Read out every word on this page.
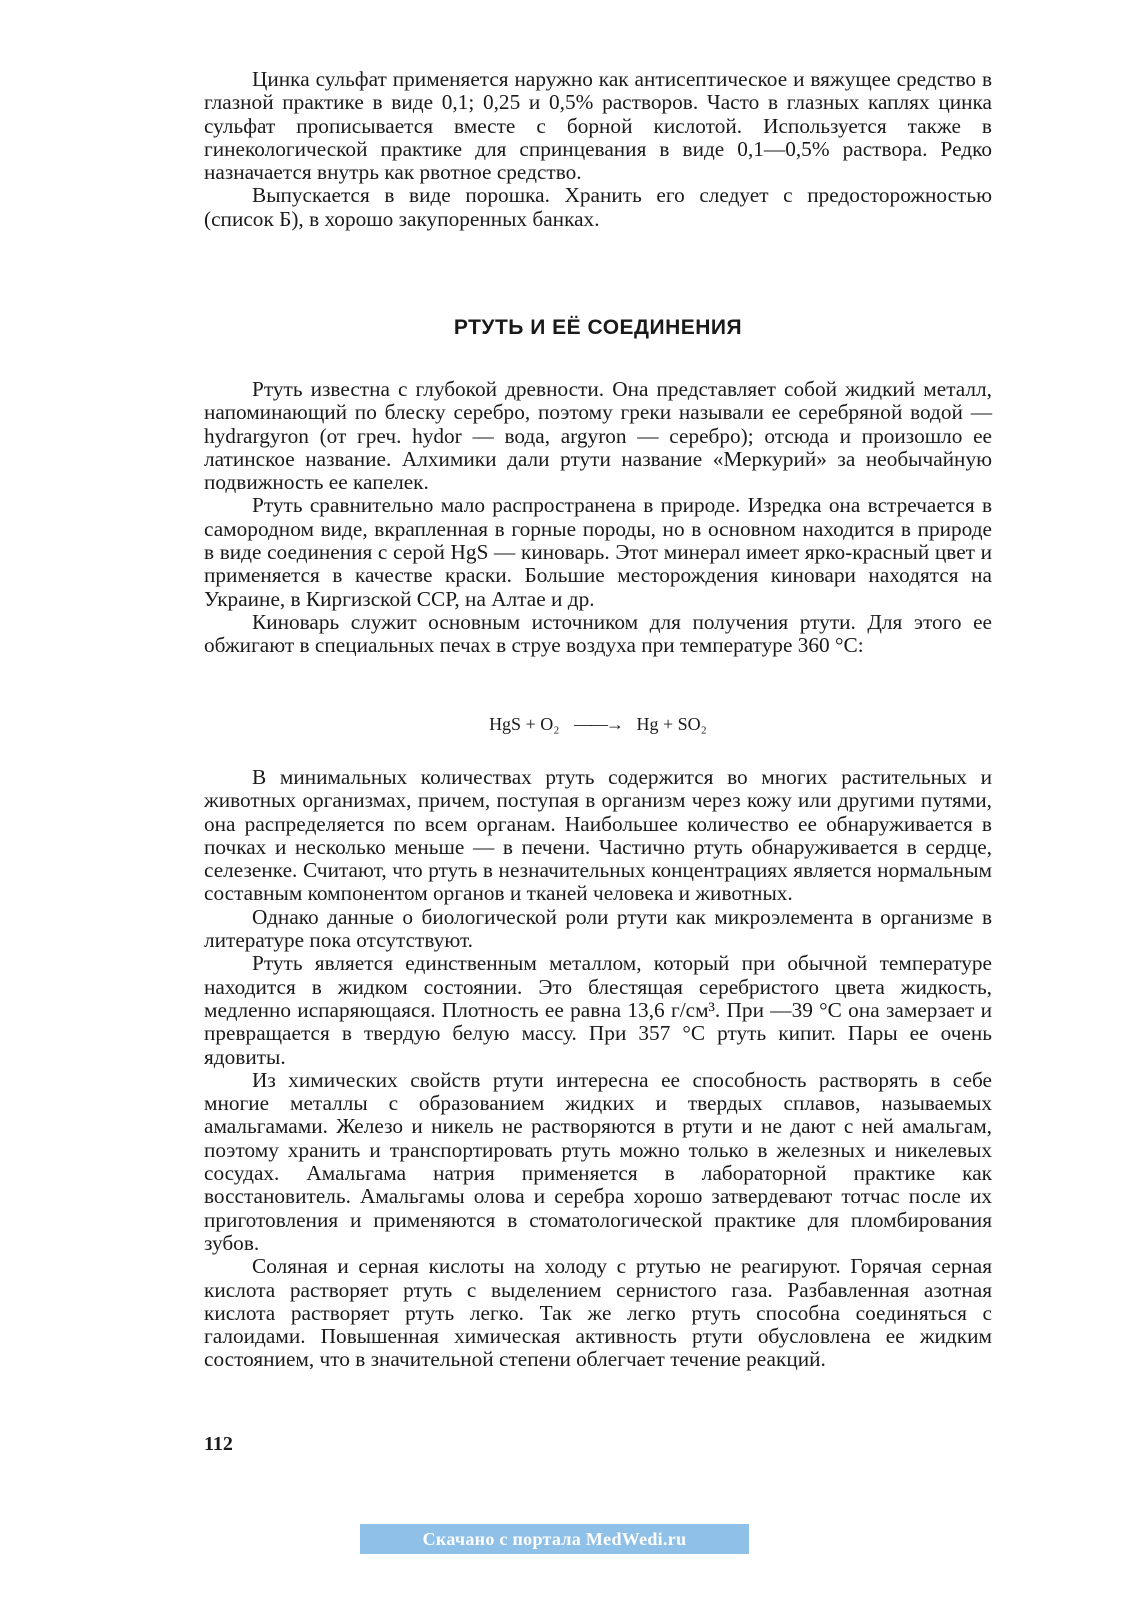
Цинка сульфат применяется наружно как антисептическое и вяжущее средство в глазной практике в виде 0,1; 0,25 и 0,5% растворов. Часто в глазных каплях цинка сульфат прописывается вместе с борной кислотой. Используется также в гинекологической практике для спринцевания в виде 0,1—0,5% раствора. Редко назначается внутрь как рвотное средство.

Выпускается в виде порошка. Хранить его следует с предосторожностью (список Б), в хорошо закупоренных банках.

РТУТЬ И ЕЁ СОЕДИНЕНИЯ

Ртуть известна с глубокой древности. Она представляет собой жидкий металл, напоминающий по блеску серебро, поэтому греки называли ее серебряной водой — hydrargyron (от греч. hydor — вода, argyron — серебро); отсюда и произошло ее латинское название. Алхимики дали ртути название «Меркурий» за необычайную подвижность ее капелек.

Ртуть сравнительно мало распространена в природе. Изредка она встречается в самородном виде, вкрапленная в горные породы, но в основном находится в природе в виде соединения с серой HgS — киноварь. Этот минерал имеет ярко-красный цвет и применяется в качестве краски. Большие месторождения киновари находятся на Украине, в Киргизской ССР, на Алтае и др.

Киноварь служит основным источником для получения ртути. Для этого ее обжигают в специальных печах в струе воздуха при температуре 360 °С:

HgS + O₂ ——→ Hg + SO₂

В минимальных количествах ртуть содержится во многих растительных и животных организмах, причем, поступая в организм через кожу или другими путями, она распределяется по всем органам. Наибольшее количество ее обнаруживается в почках и несколько меньше — в печени. Частично ртуть обнаруживается в сердце, селезенке. Считают, что ртуть в незначительных концентрациях является нормальным составным компонентом органов и тканей человека и животных.

Однако данные о биологической роли ртути как микроэлемента в организме в литературе пока отсутствуют.

Ртуть является единственным металлом, который при обычной температуре находится в жидком состоянии. Это блестящая серебристого цвета жидкость, медленно испаряющаяся. Плотность ее равна 13,6 г/см³. При —39 °С она замерзает и превращается в твердую белую массу. При 357 °С ртуть кипит. Пары ее очень ядовиты.

Из химических свойств ртути интересна ее способность растворять в себе многие металлы с образованием жидких и твердых сплавов, называемых амальгамами. Железо и никель не растворяются в ртути и не дают с ней амальгам, поэтому хранить и транспортировать ртуть можно только в железных и никелевых сосудах. Амальгама натрия применяется в лабораторной практике как восстановитель. Амальгамы олова и серебра хорошо затвердевают тотчас после их приготовления и применяются в стоматологической практике для пломбирования зубов.

Соляная и серная кислоты на холоду с ртутью не реагируют. Горячая серная кислота растворяет ртуть с выделением сернистого газа. Разбавленная азотная кислота растворяет ртуть легко. Так же легко ртуть способна соединяться с галоидами. Повышенная химическая активность ртути обусловлена ее жидким состоянием, что в значительной степени облегчает течение реакций.

112
Скачано с портала MedWedi.ru
